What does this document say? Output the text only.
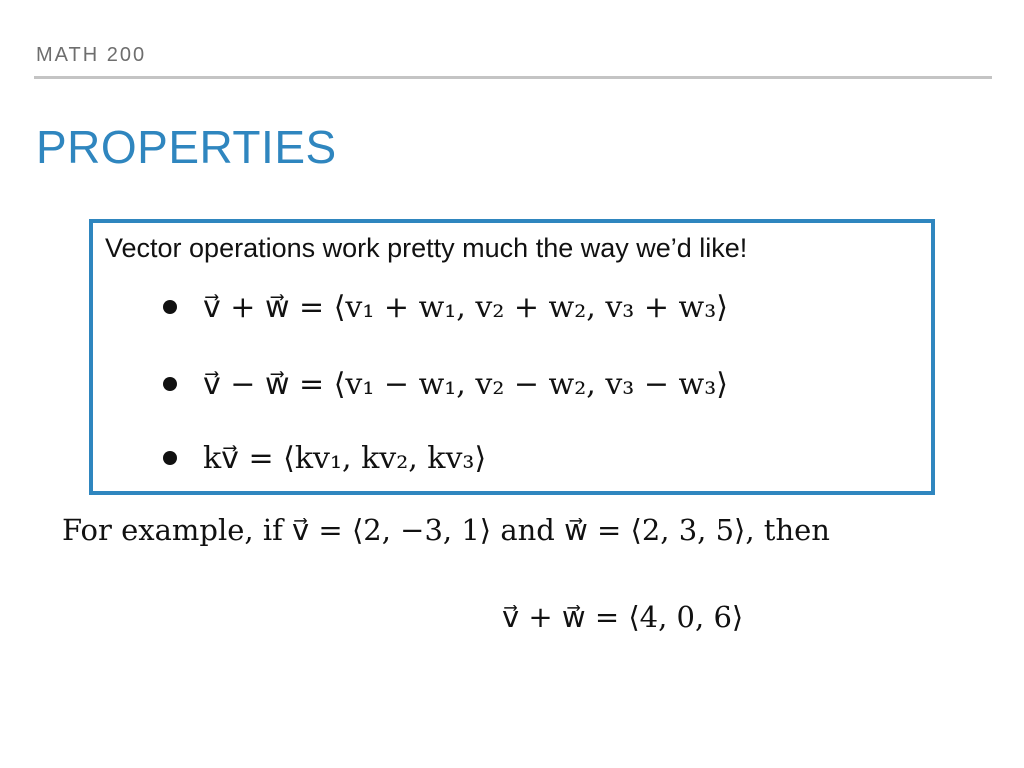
MATH 200
PROPERTIES
Vector operations work pretty much the way we’d like!
v⃗ + w⃗ = ⟨v₁ + w₁, v₂ + w₂, v₃ + w₃⟩
v⃗ − w⃗ = ⟨v₁ − w₁, v₂ − w₂, v₃ − w₃⟩
kv⃗ = ⟨kv₁, kv₂, kv₃⟩
For example, if v⃗ = ⟨2, −3, 1⟩ and w⃗ = ⟨2, 3, 5⟩, then
v⃗ + w⃗ = ⟨4, 0, 6⟩
